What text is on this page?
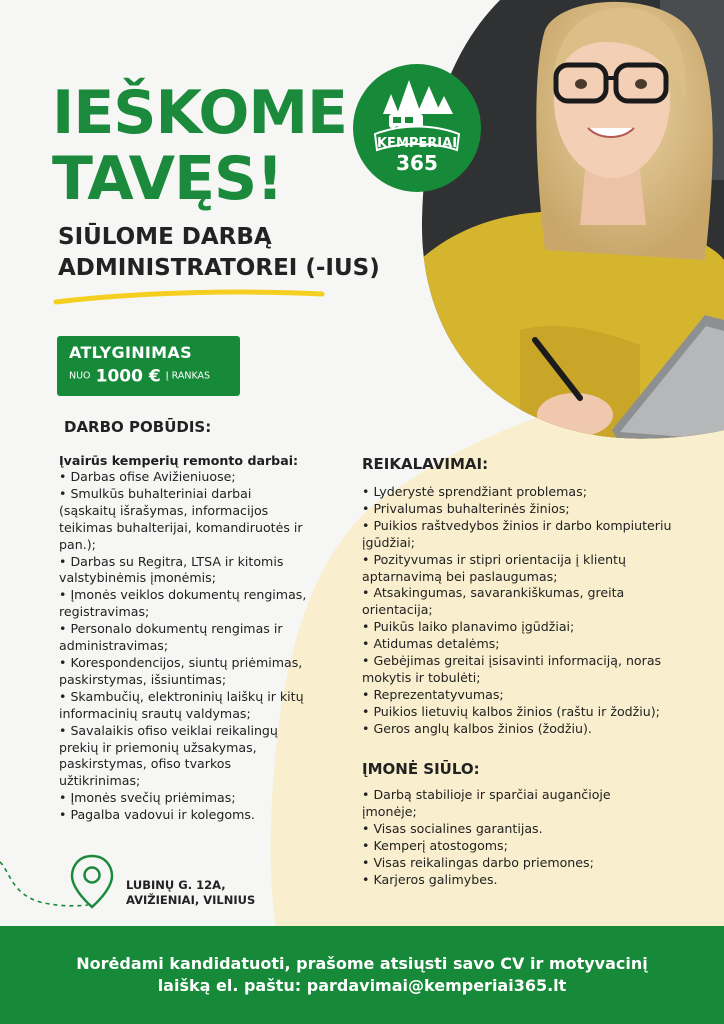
KEMPERIAI
365
IEŠKOME
TAVĘS!
SIŪLOME DARBĄ
ADMINISTRATOREI (-IUS)
ATLYGINIMAS
NUO 1000 € Į RANKAS
DARBO POBŪDIS:

Įvairūs kemperių remonto darbai:

• Darbas ofise Avižieniuose;
• Smulkūs buhalteriniai darbai (sąskaitų išrašymas, informacijos teikimas buhalterijai, komandiruotės ir pan.);
• Darbas su Regitra, LTSA ir kitomis valstybinėmis įmonėmis;
• Įmonės veiklos dokumentų rengimas, registravimas;
• Personalo dokumentų rengimas ir administravimas;
• Korespondencijos, siuntų priėmimas, paskirstymas, išsiuntimas;
• Skambučių, elektroninių laiškų ir kitų informacinių srautų valdymas;
• Savalaikis ofiso veiklai reikalingų prekių ir priemonių užsakymas, paskirstymas, ofiso tvarkos užtikrinimas;
• Įmonės svečių priėmimas;
• Pagalba vadovui ir kolegoms.
REIKALAVIMAI:
• Lyderystė sprendžiant problemas;
• Privalumas buhalterinės žinios;
• Puikios raštvedybos žinios ir darbo kompiuteriu įgūdžiai;
• Pozityvumas ir stipri orientacija į klientų aptarnavimą bei paslaugumas;
• Atsakingumas, savarankiškumas, greita orientacija;
• Puikūs laiko planavimo įgūdžiai;
• Atidumas detalėms;
• Gebėjimas greitai įsisavinti informaciją, noras mokytis ir tobulėti;
• Reprezentatyvumas;
• Puikios lietuvių kalbos žinios (raštu ir žodžiu);
• Geros anglų kalbos žinios (žodžiu).
ĮMONĖ SIŪLO:
• Darbą stabilioje ir sparčiai augančioje įmonėje;
• Visas socialines garantijas.
• Kemperį atostogoms;
• Visas reikalingas darbo priemones;
• Karjeros galimybes.
LUBINŲ G. 12A,
AVIŽIENIAI, VILNIUS
Norėdami kandidatuoti, prašome atsiųsti savo CV ir motyvacinį
laišką el. paštu: pardavimai@kemperiai365.lt
